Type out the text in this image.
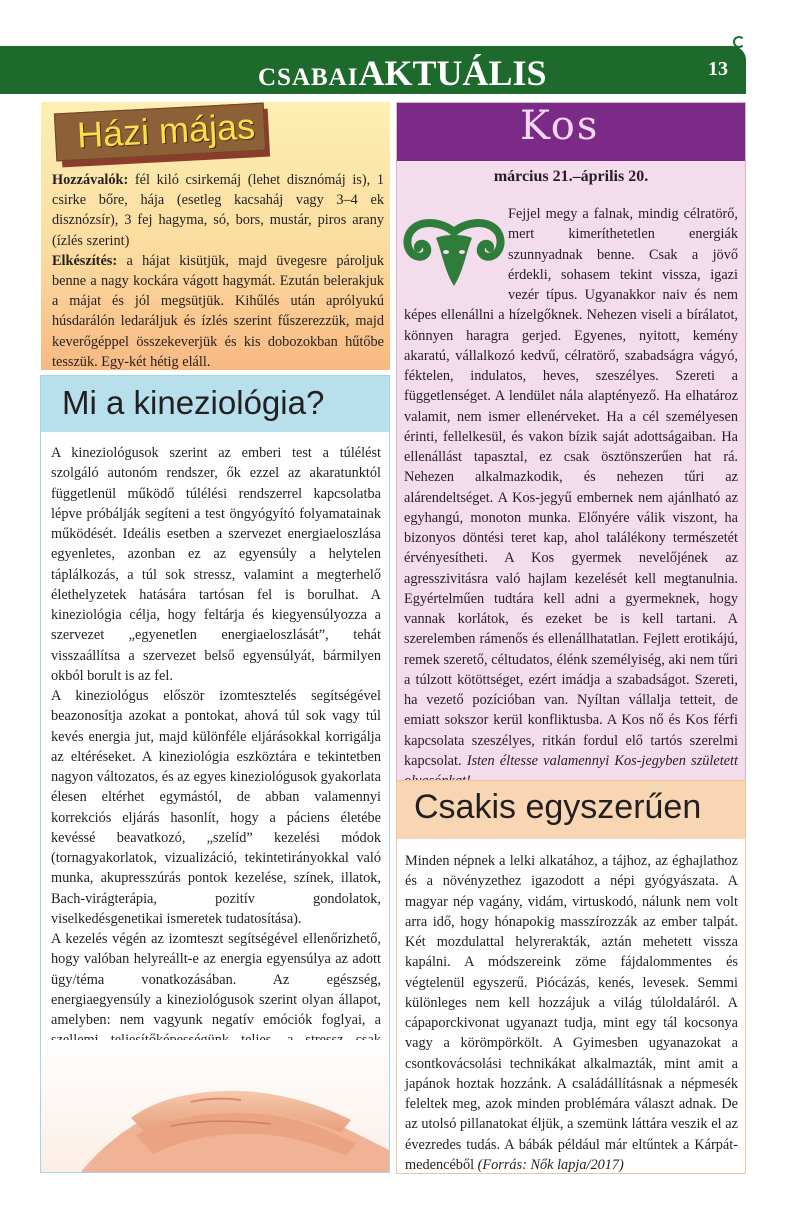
CSABAIAKTUÁLIS	13
Házi májas
Hozzávalók: fél kiló csirkemáj (lehet disznómáj is), 1 csirke bőre, hája (esetleg kacsaháj vagy 3–4 ek disznózsír), 3 fej hagyma, só, bors, mustár, piros arany (ízlés szerint)
Elkészítés: a hájat kisütjük, majd üvegesre pároljuk benne a nagy kockára vágott hagymát. Ezután belerakjuk a májat és jól megsütjük. Kihűlés után aprólyukú húsdarálón ledaráljuk és ízlés szerint fűszerezzük, majd keverőgéppel összekeverjük és kis dobozokban hűtőbe tesszük. Egy-két hétig eláll.
Mi a kineziológia?

A kineziológusok szerint az emberi test a túlélést szolgáló autonóm rendszer, ők ezzel az akaratunktól függetlenül működő túlélési rendszerrel kapcsolatba lépve próbálják segíteni a test öngyógyító folyamatainak működését. Ideális esetben a szervezet energiaeloszlása egyenletes, azonban ez az egyensúly a helytelen táplálkozás, a túl sok stressz, valamint a megterhelő élethelyzetek hatására tartósan fel is borulhat. A kineziológia célja, hogy feltárja és kiegyensúlyozza a szervezet „egyenetlen energiaeloszlását”, tehát visszaállítsa a szervezet belső egyensúlyát, bármilyen okból borult is az fel.

A kineziológus először izomtesztelés segítségével beazonosítja azokat a pontokat, ahová túl sok vagy túl kevés energia jut, majd különféle eljárásokkal korrigálja az eltéréseket. A kineziológia eszköztára e tekintetben nagyon változatos, és az egyes kineziológusok gyakorlata élesen eltérhet egymástól, de abban valamennyi korrekciós eljárás hasonlít, hogy a páciens életébe kevéssé beavatkozó, „szelíd” kezelési módok (tornagyakorlatok, vizualizáció, tekintetirányokkal való munka, akupresszúrás pontok kezelése, színek, illatok, Bach-virágterápia, pozitív gondolatok, viselkedésgenetikai ismeretek tudatosítása).

A kezelés végén az izomteszt segítségével ellenőrizhető, hogy valóban helyreállt-e az energia egyensúlya az adott ügy/téma vonatkozásában. Az egészség, energiaegyensúly a kineziológusok szerint olyan állapot, amelyben: nem vagyunk negatív emóciók foglyai, a

Kos
március 21.–április 20.
Fejjel megy a falnak, mindig célratörő, mert kimeríthetetlen energiák szunnyadnak benne. Csak a jövő érdekli, sohasem tekint vissza, igazi vezér típus. Ugyanakkor naiv és nem képes ellenállni a hízelgőknek. Nehezen viseli a bírálatot, könnyen haragra gerjed. Egyenes, nyitott, kemény akaratú, vállalkozó kedvű, célratörő, szabadságra vágyó, féktelen, indulatos, heves, szeszélyes. Szereti a függetlenséget. A lendület nála alaptényező. Ha elhatároz valamit, nem ismer ellenérveket. Ha a cél személyesen érinti, fellelkesül, és vakon bízik saját adottságaiban. Ha ellenállást tapasztal, ez csak ösztönszerűen hat rá. Nehezen alkalmazkodik, és nehezen tűri az alárendeltséget. A Kos-jegyű embernek nem ajánlható az egyhangú, monoton munka. Előnyére válik viszont, ha bizonyos döntési teret kap, ahol találékony természetét érvényesítheti. A Kos gyermek nevelőjének az agresszivitásra való hajlam kezelését kell megtanulnia. Egyértelműen tudtára kell adni a gyermeknek, hogy vannak korlátok, és ezeket be is kell tartani. A szerelemben rámenős és ellenállhatatlan. Fejlett erotikájú, remek szerető, céltudatos, élénk személyiség, aki nem tűri a túlzott kötöttséget, ezért imádja a szabadságot. Szereti, ha vezető pozícióban van. Nyíltan vállalja tetteit, de emiatt sokszor kerül konfliktusba. A Kos nő és Kos férfi kapcsolata szeszélyes, ritkán fordul elő tartós szerelmi kapcsolat. Isten éltesse valamennyi Kos-jegyben született
Csakis egyszerűen
Minden népnek a lelki alkatához, a tájhoz, az éghajlathoz és a növényzethez igazodott a népi gyógyászata. A magyar nép vagány, vidám, virtuskodó, nálunk nem volt arra idő, hogy hónapokig masszírozzák az ember talpát. Két mozdulattal helyrerakták, aztán mehetett vissza kapálni. A módszereink zöme fájdalommentes és végtelenül egyszerű. Piócázás, kenés, levesek. Semmi különleges nem kell hozzájuk a világ túloldaláról. A cápaporckivonat ugyanazt tudja, mint egy tál kocsonya vagy a körömpörkölt. A Gyimesben ugyanazokat a csontkovácsolási technikákat alkalmazták, mint amit a japánok hoztak hozzánk. A családállításnak a népmesék feleltek meg, azok minden problémára választ adnak. De az utolsó pillanatokat éljük, a szemünk láttára veszik el az évezredes tudás. A bábák például már eltűntek a Kárpát-medencéből (Forrás: Nők lapja/2017)
